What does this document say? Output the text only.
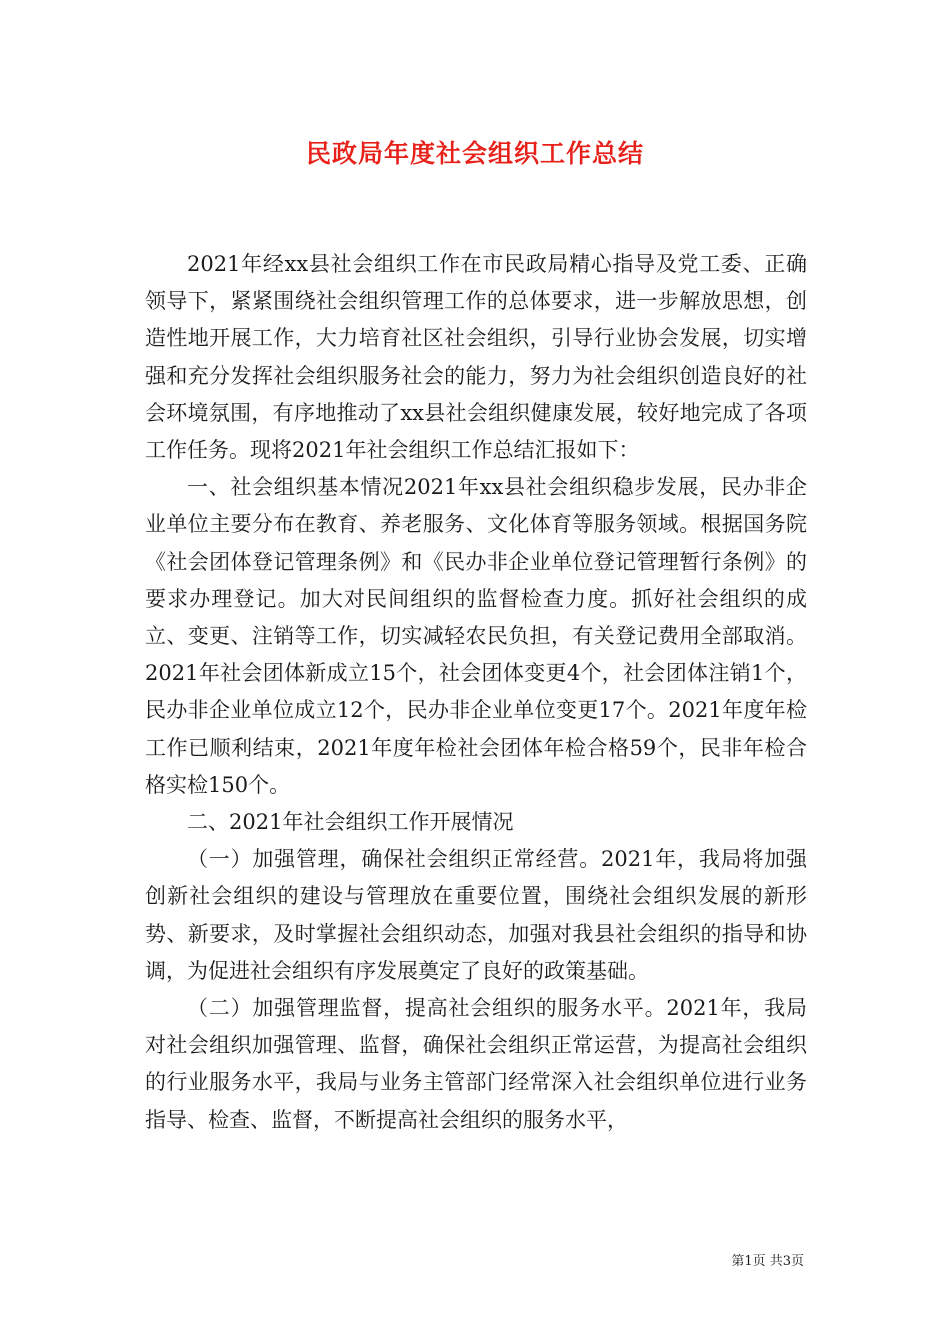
民政局年度社会组织工作总结

2021年经xx县社会组织工作在市民政局精心指导及党工委、正确领导下，紧紧围绕社会组织管理工作的总体要求，进一步解放思想，创造性地开展工作，大力培育社区社会组织，引导行业协会发展，切实增强和充分发挥社会组织服务社会的能力，努力为社会组织创造良好的社会环境氛围，有序地推动了xx县社会组织健康发展，较好地完成了各项工作任务。现将2021年社会组织工作总结汇报如下：

一、社会组织基本情况2021年xx县社会组织稳步发展，民办非企业单位主要分布在教育、养老服务、文化体育等服务领域。根据国务院《社会团体登记管理条例》和《民办非企业单位登记管理暂行条例》的要求办理登记。加大对民间组织的监督检查力度。抓好社会组织的成立、变更、注销等工作，切实减轻农民负担，有关登记费用全部取消。2021年社会团体新成立15个，社会团体变更4个，社会团体注销1个，民办非企业单位成立12个，民办非企业单位变更17个。2021年度年检工作已顺利结束，2021年度年检社会团体年检合格59个，民非年检合格实检150个。

二、2021年社会组织工作开展情况

（一）加强管理，确保社会组织正常经营。2021年，我局将加强创新社会组织的建设与管理放在重要位置，围绕社会组织发展的新形势、新要求，及时掌握社会组织动态，加强对我县社会组织的指导和协调，为促进社会组织有序发展奠定了良好的政策基础。

（二）加强管理监督，提高社会组织的服务水平。2021年，我局对社会组织加强管理、监督，确保社会组织正常运营，为提高社会组织的行业服务水平，我局与业务主管部门经常深入社会组织单位进行业务指导、检查、监督，不断提高社会组织的服务水平，

第1页 共3页
